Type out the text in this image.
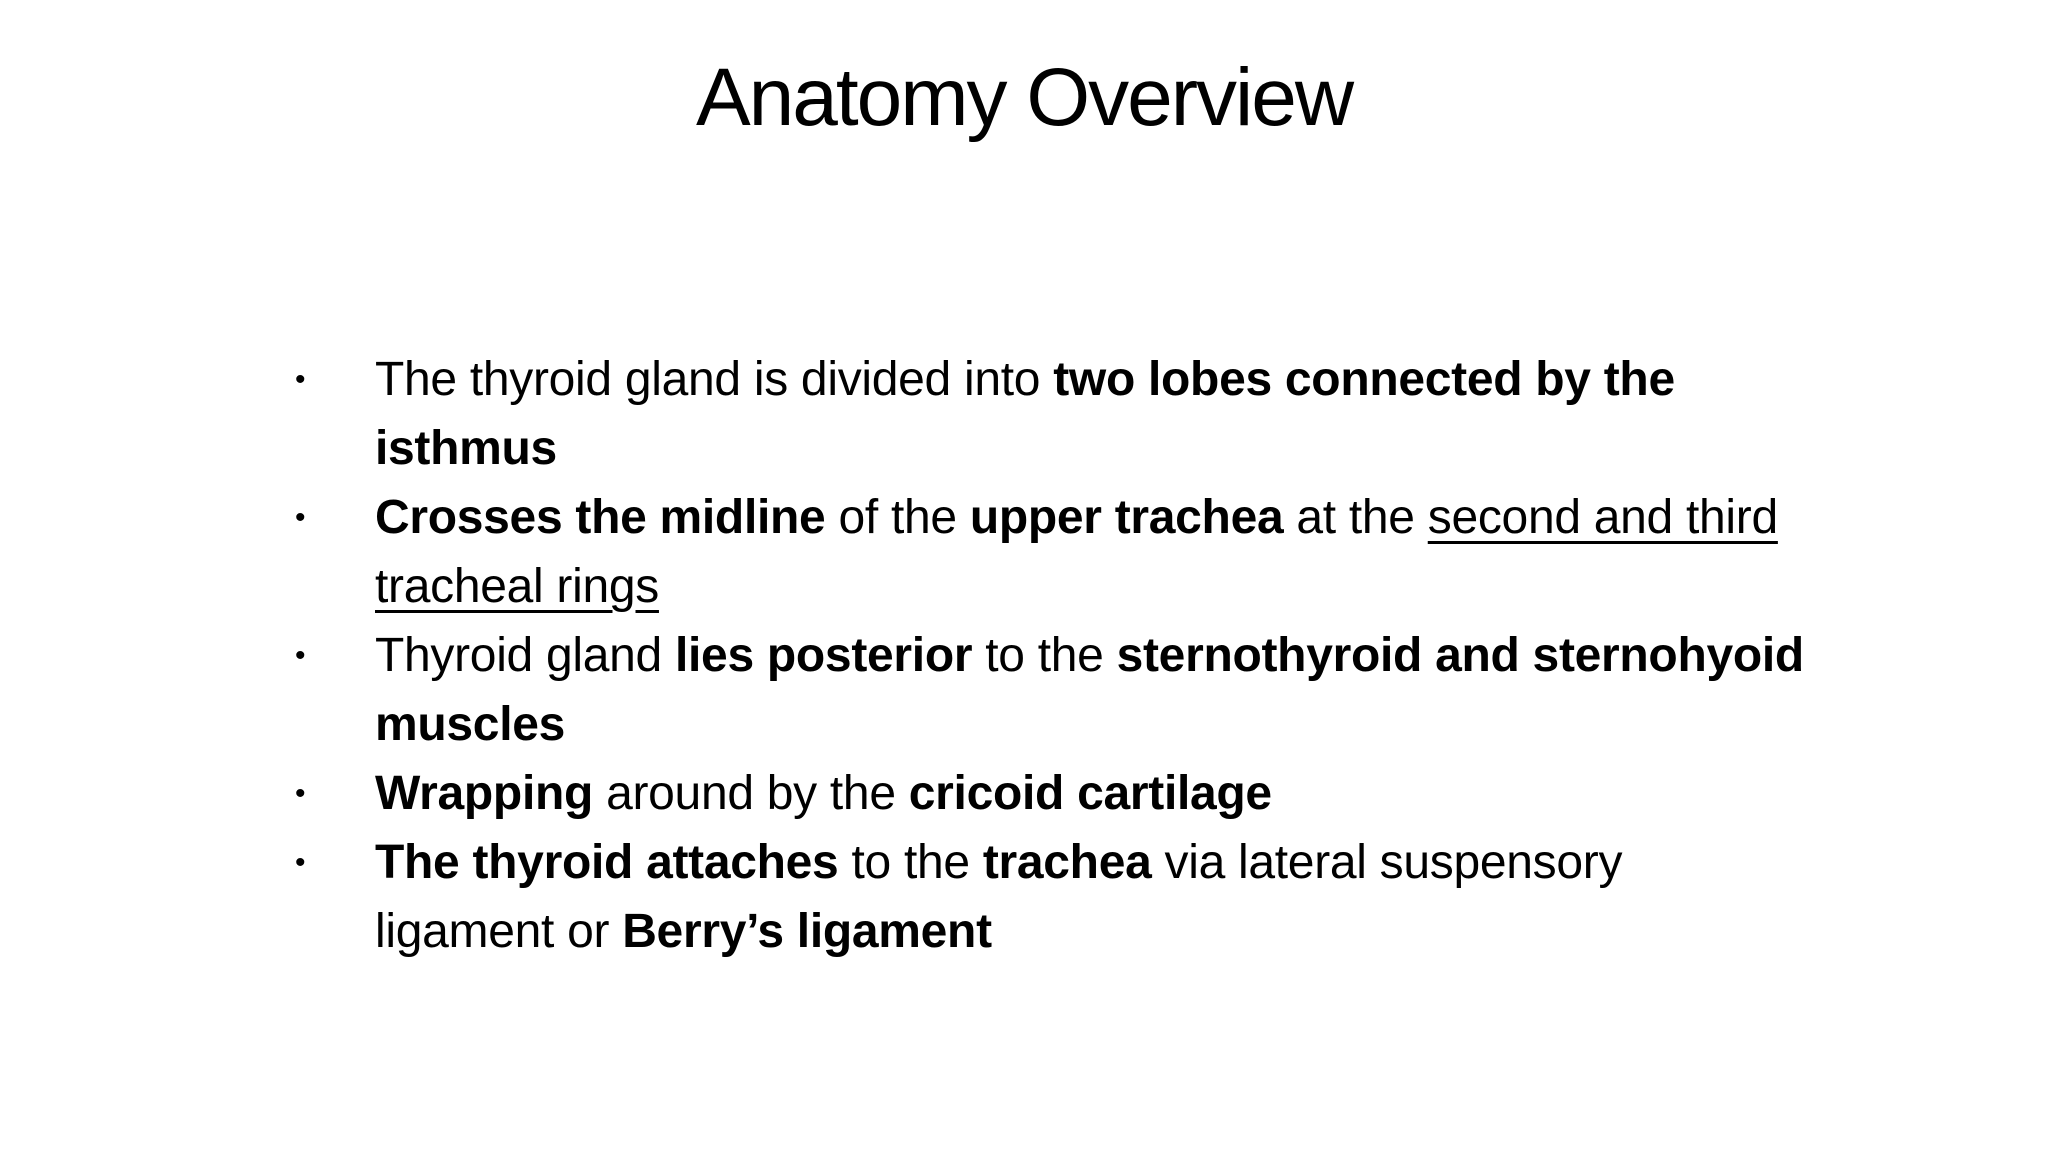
Anatomy Overview
• The thyroid gland is divided into two lobes connected by the isthmus
• Crosses the midline of the upper trachea at the second and third tracheal rings
• Thyroid gland lies posterior to the sternothyroid and sternohyoid muscles
• Wrapping around by the cricoid cartilage
• The thyroid attaches to the trachea via lateral suspensory ligament or Berry’s ligament
